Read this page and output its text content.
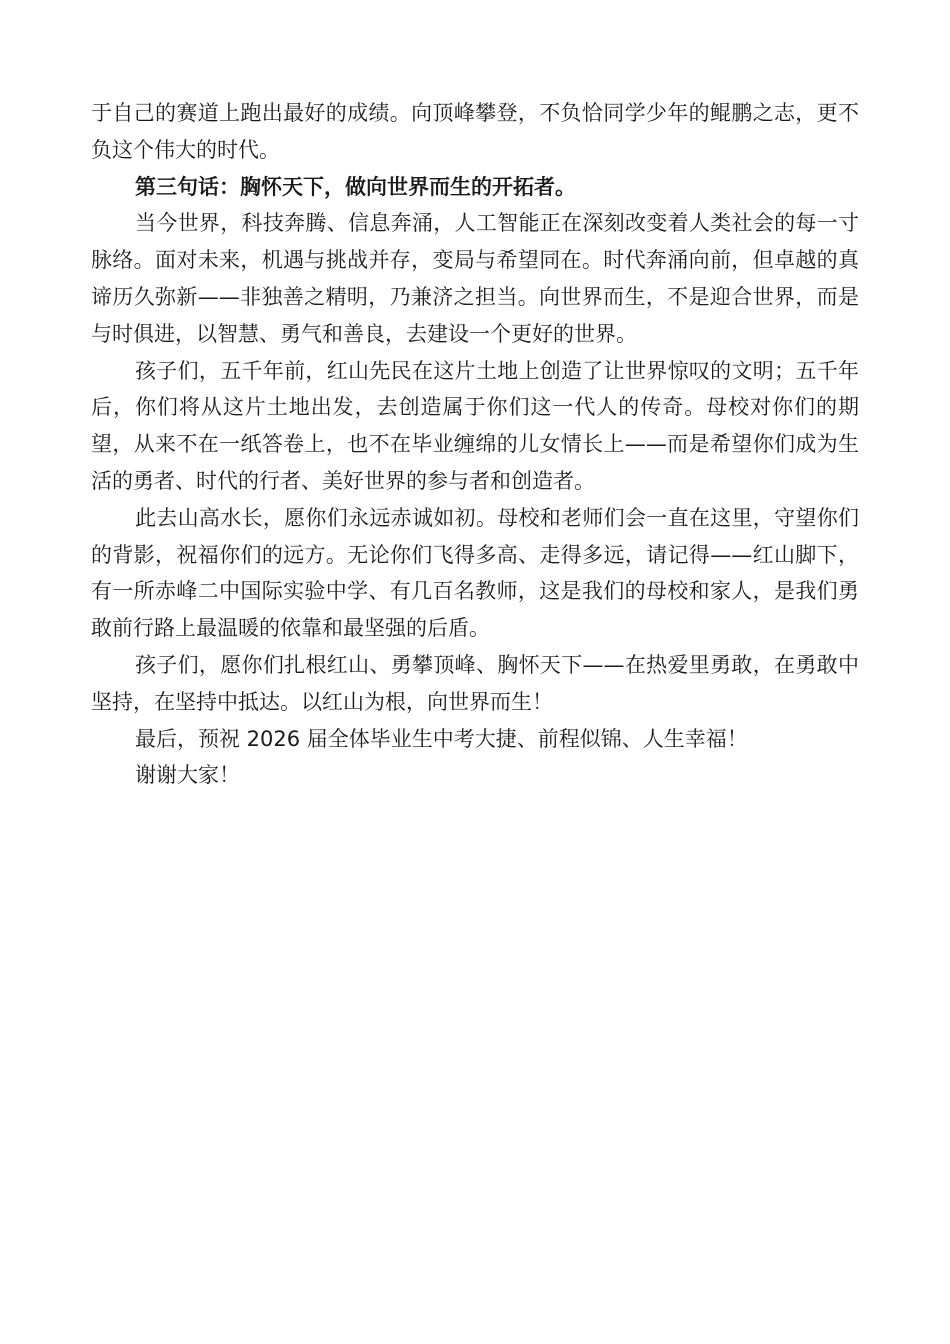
于自己的赛道上跑出最好的成绩。向顶峰攀登，不负恰同学少年的鲲鹏之志，更不负这个伟大的时代。

第三句话：胸怀天下，做向世界而生的开拓者。

当今世界，科技奔腾、信息奔涌，人工智能正在深刻改变着人类社会的每一寸脉络。面对未来，机遇与挑战并存，变局与希望同在。时代奔涌向前，但卓越的真谛历久弥新——非独善之精明，乃兼济之担当。向世界而生，不是迎合世界，而是与时俱进，以智慧、勇气和善良，去建设一个更好的世界。

孩子们，五千年前，红山先民在这片土地上创造了让世界惊叹的文明；五千年后，你们将从这片土地出发，去创造属于你们这一代人的传奇。母校对你们的期望，从来不在一纸答卷上，也不在毕业缠绵的儿女情长上——而是希望你们成为生活的勇者、时代的行者、美好世界的参与者和创造者。

此去山高水长，愿你们永远赤诚如初。母校和老师们会一直在这里，守望你们的背影，祝福你们的远方。无论你们飞得多高、走得多远，请记得——红山脚下，有一所赤峰二中国际实验中学、有几百名教师，这是我们的母校和家人，是我们勇敢前行路上最温暖的依靠和最坚强的后盾。

孩子们，愿你们扎根红山、勇攀顶峰、胸怀天下——在热爱里勇敢，在勇敢中坚持，在坚持中抵达。以红山为根，向世界而生！

最后，预祝 2026 届全体毕业生中考大捷、前程似锦、人生幸福！

谢谢大家！
